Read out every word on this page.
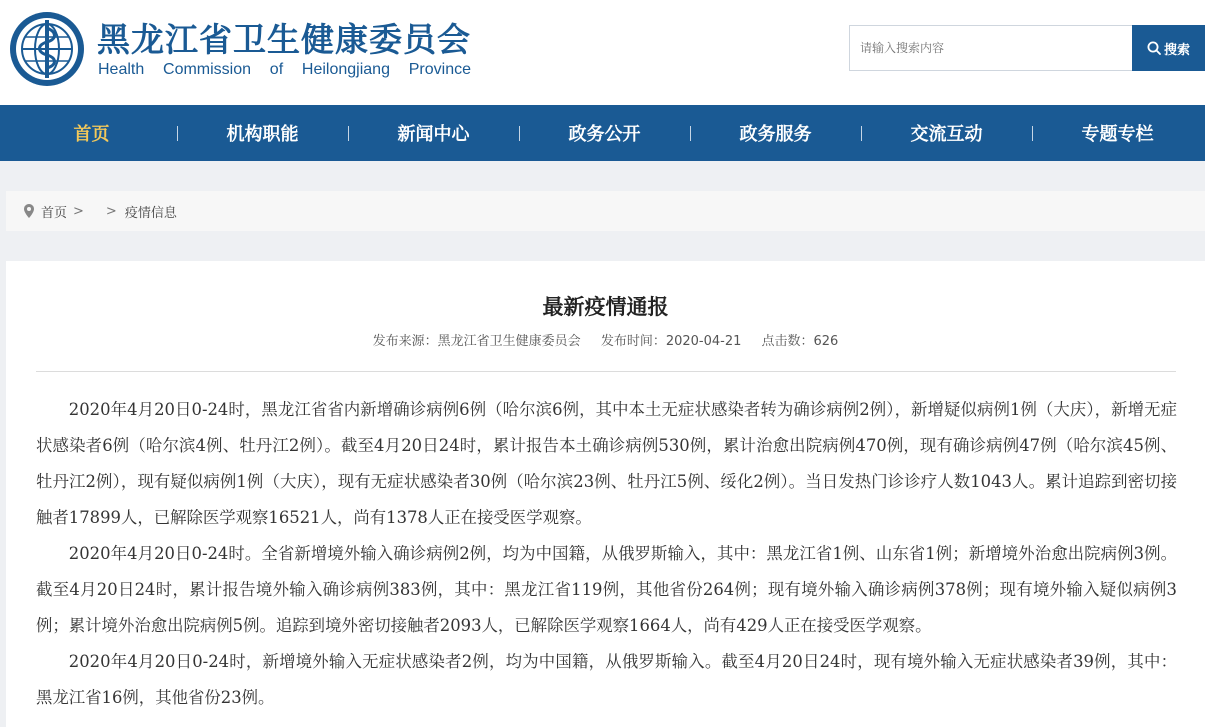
黑龙江省卫生健康委员会
Health Commission of Heilongjiang Province
请输入搜索内容
搜索
首页	机构职能	新闻中心	政务公开	政务服务	交流互动	专题专栏
首页 > > 疫情信息
最新疫情通报
发布来源：黑龙江省卫生健康委员会 发布时间：2020-04-21 点击数：626

2020年4月20日0-24时，黑龙江省省内新增确诊病例6例（哈尔滨6例，其中本土无症状感染者转为确诊病例2例），新增疑似病例1例（大庆），新增无症状感染者6例（哈尔滨4例、牡丹江2例）。截至4月20日24时，累计报告本土确诊病例530例，累计治愈出院病例470例，现有确诊病例47例（哈尔滨45例、牡丹江2例），现有疑似病例1例（大庆），现有无症状感染者30例（哈尔滨23例、牡丹江5例、绥化2例）。当日发热门诊诊疗人数1043人。累计追踪到密切接触者17899人，已解除医学观察16521人，尚有1378人正在接受医学观察。

2020年4月20日0-24时。全省新增境外输入确诊病例2例，均为中国籍，从俄罗斯输入，其中：黑龙江省1例、山东省1例；新增境外治愈出院病例3例。截至4月20日24时，累计报告境外输入确诊病例383例，其中：黑龙江省119例，其他省份264例；现有境外输入确诊病例378例；现有境外输入疑似病例3例；累计境外治愈出院病例5例。追踪到境外密切接触者2093人，已解除医学观察1664人，尚有429人正在接受医学观察。

2020年4月20日0-24时，新增境外输入无症状感染者2例，均为中国籍，从俄罗斯输入。截至4月20日24时，现有境外输入无症状感染者39例，其中：黑龙江省16例，其他省份23例。
